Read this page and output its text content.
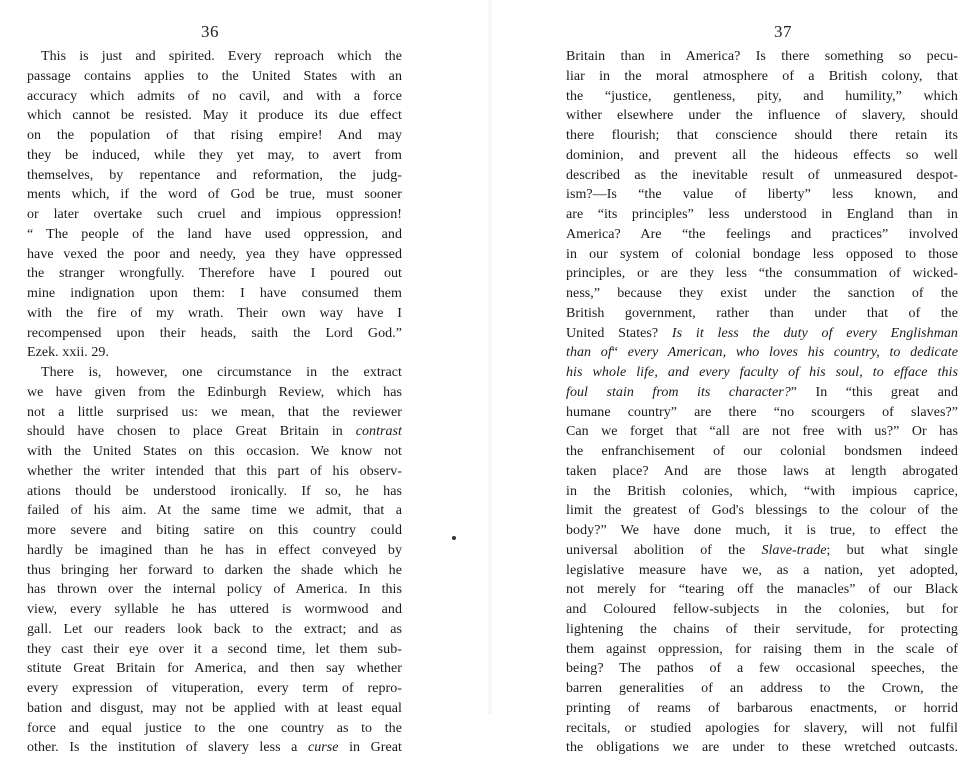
36
This is just and spirited. Every reproach which the
passage contains applies to the United States with an
accuracy which admits of no cavil, and with a force
which cannot be resisted. May it produce its due effect
on the population of that rising empire! And may
they be induced, while they yet may, to avert from
themselves, by repentance and reformation, the judg-
ments which, if the word of God be true, must sooner
or later overtake such cruel and impious oppression!
“ The people of the land have used oppression, and
have vexed the poor and needy, yea they have oppressed
the stranger wrongfully. Therefore have I poured out
mine indignation upon them: I have consumed them
with the fire of my wrath. Their own way have I
recompensed upon their heads, saith the Lord God.”
Ezek. xxii. 29.
There is, however, one circumstance in the extract
we have given from the Edinburgh Review, which has
not a little surprised us: we mean, that the reviewer
should have chosen to place Great Britain in contrast
with the United States on this occasion. We know not
whether the writer intended that this part of his observ-
ations thould be understood ironically. If so, he has
failed of his aim. At the same time we admit, that a
more severe and biting satire on this country could
hardly be imagined than he has in effect conveyed by
thus bringing her forward to darken the shade which he
has thrown over the internal policy of America. In this
view, every syllable he has uttered is wormwood and
gall. Let our readers look back to the extract; and as
they cast their eye over it a second time, let them sub-
stitute Great Britain for America, and then say whether
every expression of vituperation, every term of repro-
bation and disgust, may not be applied with at least equal
force and equal justice to the one country as to the
other. Is the institution of slavery less a curse in Great
37
Britain than in America? Is there something so pecu-
liar in the moral atmosphere of a British colony, that
the “justice, gentleness, pity, and humility,” which
wither elsewhere under the influence of slavery, should
there flourish; that conscience should there retain its
dominion, and prevent all the hideous effects so well
described as the inevitable result of unmeasured despot-
ism?—Is “the value of liberty” less known, and
are “its principles” less understood in England than in
America? Are “the feelings and practices” involved
in our system of colonial bondage less opposed to those
principles, or are they less “the consummation of wicked-
ness,” because they exist under the sanction of the
British government, rather than under that of the
United States? Is it less the duty of every Englishman
than of“ every American, who loves his country, to dedicate
his whole life, and every faculty of his soul, to efface this
foul stain from its character?” In “this great and
humane country” are there “no scourgers of slaves?”
Can we forget that “all are not free with us?” Or has
the enfranchisement of our colonial bondsmen indeed
taken place? And are those laws at length abrogated
in the British colonies, which, “with impious caprice,
limit the greatest of God's blessings to the colour of the
body?” We have done much, it is true, to effect the
universal abolition of the Slave-trade; but what single
legislative measure have we, as a nation, yet adopted,
not merely for “tearing off the manacles” of our Black
and Coloured fellow-subjects in the colonies, but for
lightening the chains of their servitude, for protecting
them against oppression, for raising them in the scale of
being? The pathos of a few occasional speeches, the
barren generalities of an address to the Crown, the
printing of reams of barbarous enactments, or horrid
recitals, or studied apologies for slavery, will not fulfil
the obligations we are under to these wretched outcasts.
